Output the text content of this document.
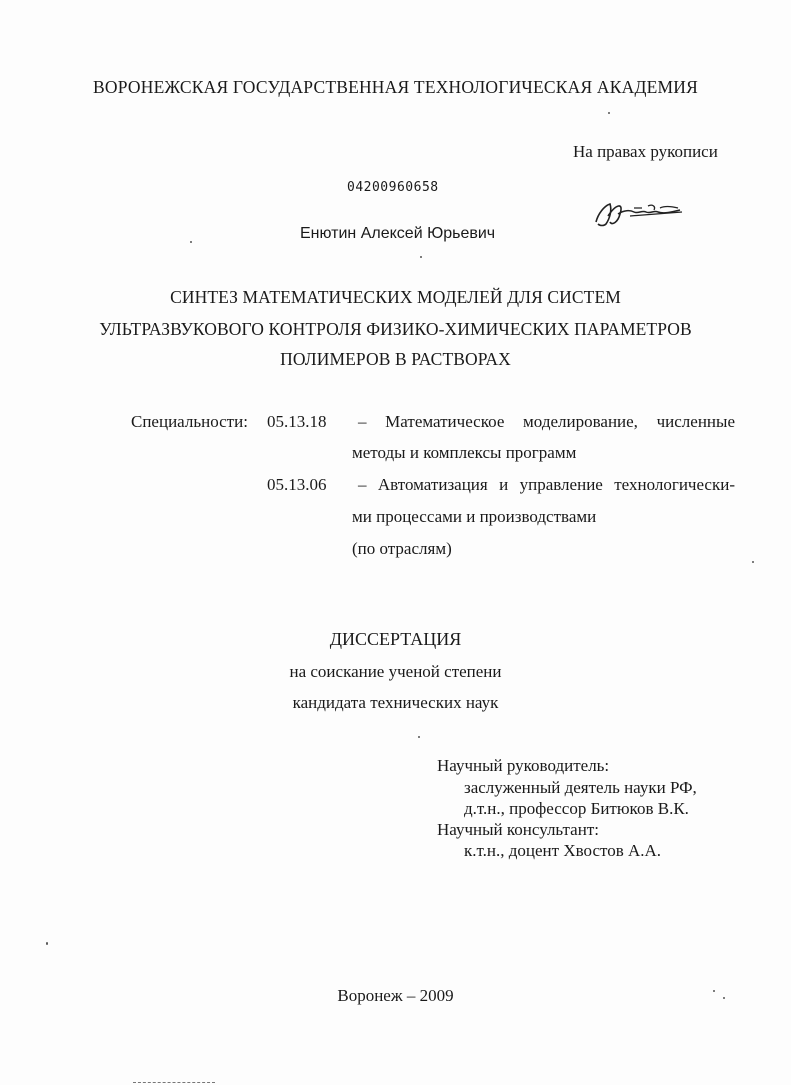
ВОРОНЕЖСКАЯ ГОСУДАРСТВЕННАЯ ТЕХНОЛОГИЧЕСКАЯ АКАДЕМИЯ
На правах рукописи
04200960658
Енютин Алексей Юрьевич
СИНТЕЗ МАТЕМАТИЧЕСКИХ МОДЕЛЕЙ ДЛЯ СИСТЕМ
УЛЬТРАЗВУКОВОГО КОНТРОЛЯ ФИЗИКО-ХИМИЧЕСКИХ ПАРАМЕТРОВ
ПОЛИМЕРОВ В РАСТВОРАХ
Специальности: 05.13.18 – Математическое моделирование, численные
методы и комплексы программ
05.13.06 – Автоматизация и управление технологически-
ми процессами и производствами
(по отраслям)
ДИССЕРТАЦИЯ
на соискание ученой степени
кандидата технических наук
Научный руководитель:
заслуженный деятель науки РФ,
д.т.н., профессор Битюков В.К.
Научный консультант:
к.т.н., доцент Хвостов А.А.
Воронеж – 2009
